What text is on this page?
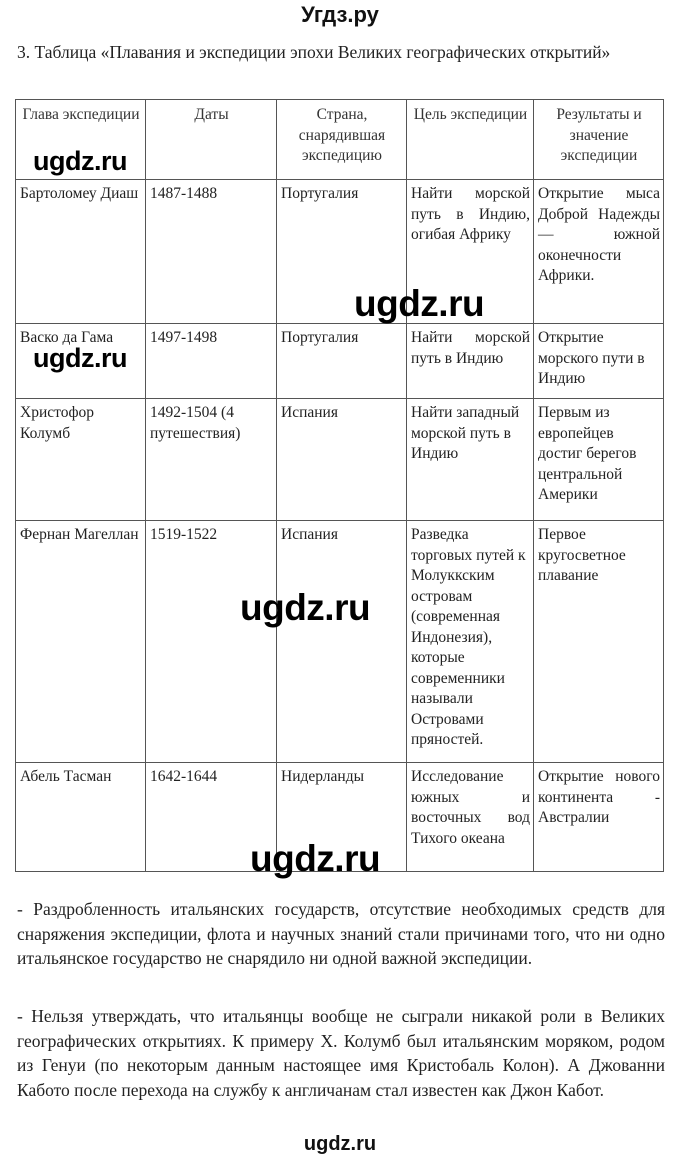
Угдз.ру
3. Таблица «Плавания и экспедиции эпохи Великих географических открытий»
Глава экспедиции	Даты	Страна, снарядившая экспедицию	Цель экспедиции	Результаты и значение экспедиции
Бартоломеу Диаш	1487-1488	Португалия	Найти морской путь в Индию, огибая Африку	Открытие мыса Доброй Надежды — южной оконечности Африки.
Васко да Гама	1497-1498	Португалия	Найти морской путь в Индию	Открытие морского пути в Индию
Христофор Колумб	1492-1504 (4 путешествия)	Испания	Найти западный морской путь в Индию	Первым из европейцев достиг берегов центральной Америки
Фернан Магеллан	1519-1522	Испания	Разведка торговых путей к Молуккским островам (современная Индонезия), которые современники называли Островами пряностей.	Первое кругосветное плавание
Абель Тасман	1642-1644	Нидерланды	Исследование южных и восточных вод Тихого океана	Открытие нового континента - Австралии
- Раздробленность итальянских государств, отсутствие необходимых средств для снаряжения экспедиции, флота и научных знаний стали причинами того, что ни одно итальянское государство не снарядило ни одной важной экспедиции.
- Нельзя утверждать, что итальянцы вообще не сыграли никакой роли в Великих географических открытиях. К примеру Х. Колумб был итальянским моряком, родом из Генуи (по некоторым данным настоящее имя Кристобаль Колон). А Джованни Кабото после перехода на службу к англичанам стал известен как Джон Кабот.
ugdz.ru
ugdz.ru
ugdz.ru
ugdz.ru
ugdz.ru
ugdz.ru
